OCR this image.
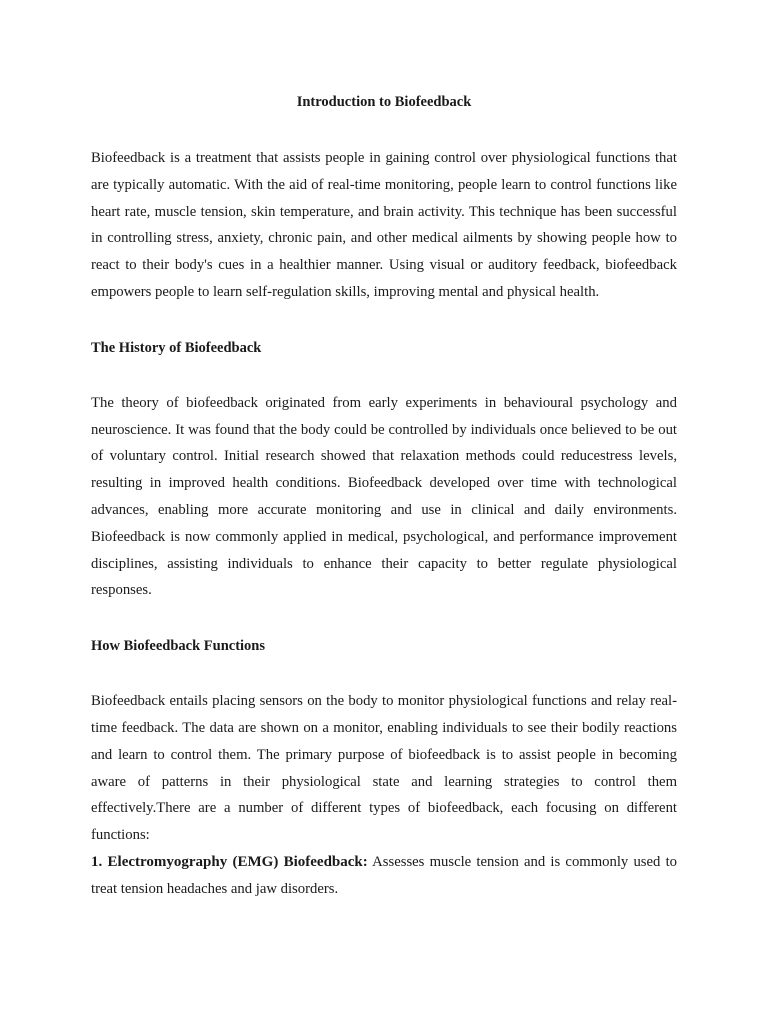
Introduction to Biofeedback

Biofeedback is a treatment that assists people in gaining control over physiological functions that are typically automatic. With the aid of real-time monitoring, people learn to control functions like heart rate, muscle tension, skin temperature, and brain activity. This technique has been successful in controlling stress, anxiety, chronic pain, and other medical ailments by showing people how to react to their body's cues in a healthier manner. Using visual or auditory feedback, biofeedback empowers people to learn self-regulation skills, improving mental and physical health.

The History of Biofeedback

The theory of biofeedback originated from early experiments in behavioural psychology and neuroscience. It was found that the body could be controlled by individuals once believed to be out of voluntary control. Initial research showed that relaxation methods could reducestress levels, resulting in improved health conditions. Biofeedback developed over time with technological advances, enabling more accurate monitoring and use in clinical and daily environments. Biofeedback is now commonly applied in medical, psychological, and performance improvement disciplines, assisting individuals to enhance their capacity to better regulate physiological responses.

How Biofeedback Functions

Biofeedback entails placing sensors on the body to monitor physiological functions and relay real-time feedback. The data are shown on a monitor, enabling individuals to see their bodily reactions and learn to control them. The primary purpose of biofeedback is to assist people in becoming aware of patterns in their physiological state and learning strategies to control them effectively.There are a number of different types of biofeedback, each focusing on different functions:

1. Electromyography (EMG) Biofeedback: Assesses muscle tension and is commonly used to treat tension headaches and jaw disorders.
